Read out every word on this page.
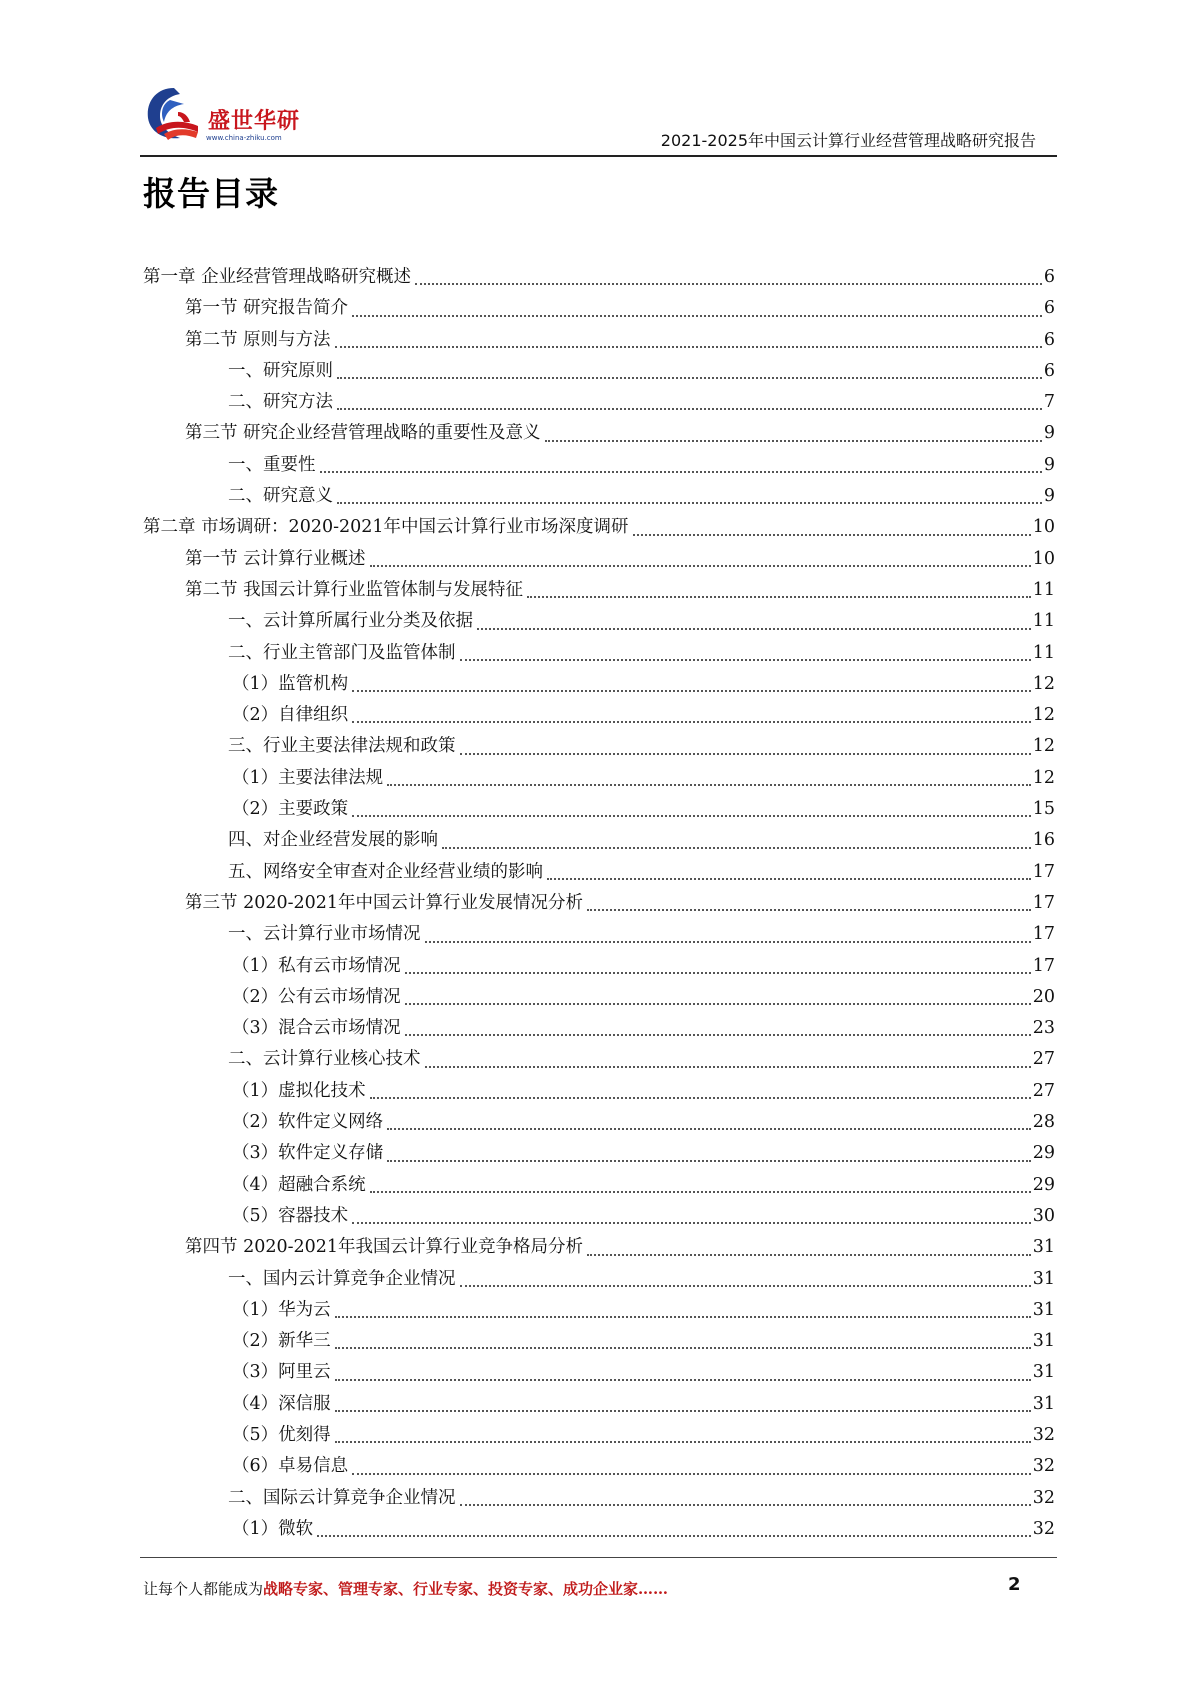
盛世华研
www.china-zhiku.com	2021-2025年中国云计算行业经营管理战略研究报告
报告目录
第一章 企业经营管理战略研究概述	6
第一节 研究报告简介	6
第二节 原则与方法	6
一、研究原则	6
二、研究方法	7
第三节 研究企业经营管理战略的重要性及意义	9
一、重要性	9
二、研究意义	9
第二章 市场调研：2020-2021年中国云计算行业市场深度调研	10
第一节 云计算行业概述	10
第二节 我国云计算行业监管体制与发展特征	11
一、云计算所属行业分类及依据	11
二、行业主管部门及监管体制	11
（1）监管机构	12
（2）自律组织	12
三、行业主要法律法规和政策	12
（1）主要法律法规	12
（2）主要政策	15
四、对企业经营发展的影响	16
五、网络安全审查对企业经营业绩的影响	17
第三节 2020-2021年中国云计算行业发展情况分析	17
一、云计算行业市场情况	17
（1）私有云市场情况	17
（2）公有云市场情况	20
（3）混合云市场情况	23
二、云计算行业核心技术	27
（1）虚拟化技术	27
（2）软件定义网络	28
（3）软件定义存储	29
（4）超融合系统	29
（5）容器技术	30
第四节 2020-2021年我国云计算行业竞争格局分析	31
一、国内云计算竞争企业情况	31
（1）华为云	31
（2）新华三	31
（3）阿里云	31
（4）深信服	31
（5）优刻得	32
（6）卓易信息	32
二、国际云计算竞争企业情况	32
（1）微软	32
让每个人都能成为战略专家、管理专家、行业专家、投资专家、成功企业家……	2
